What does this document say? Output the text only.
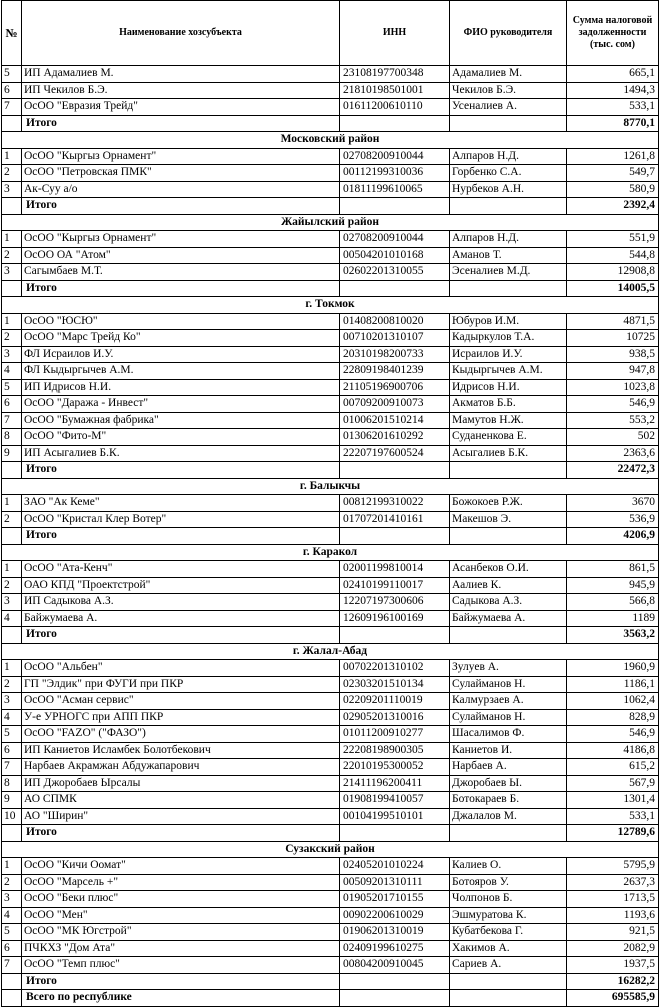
№	Наименование хозсубъекта	ИНН	ФИО руководителя	Сумма налоговой задолженности (тыс. сом)
5	ИП Адамалиев М.	23108197700348	Адамалиев М.	665,1
6	ИП Чекилов Б.Э.	21810198501001	Чекилов Б.Э.	1494,3
7	ОсОО "Евразия Трейд"	01611200610110	Усеналиев А.	533,1
	Итого			8770,1
Московский район				
1	ОсОО "Кыргыз Орнамент"	02708200910044	Алпаров Н.Д.	1261,8
2	ОсОО "Петровская ПМК"	00112199310036	Горбенко С.А.	549,7
3	Ак-Суу а/о	01811199610065	Нурбеков А.Н.	580,9
	Итого			2392,4
Жайылский район				
1	ОсОО "Кыргыз Орнамент"	02708200910044	Алпаров Н.Д.	551,9
2	ОсОО ОА "Атом"	00504201010168	Аманов Т.	544,8
3	Сагымбаев М.Т.	02602201310055	Эсеналиев М.Д.	12908,8
	Итого			14005,5
г. Токмок				
1	ОсОО "ЮСЮ"	01408200810020	Юбуров И.М.	4871,5
2	ОсОО "Марс Трейд Ко"	00710201310107	Кадыркулов Т.А.	10725
3	ФЛ Исраилов И.У.	20310198200733	Исраилов И.У.	938,5
4	ФЛ Кыдыргычев А.М.	22809198401239	Кыдыргычев А.М.	947,8
5	ИП Идрисов Н.И.	21105196900706	Идрисов Н.И.	1023,8
6	ОсОО "Даража - Инвест"	00709200910073	Акматов Б.Б.	546,9
7	ОсОО "Бумажная фабрика"	01006201510214	Мамутов Н.Ж.	553,2
8	ОсОО "Фито-М"	01306201610292	Суданенкова Е.	502
9	ИП Асыгалиев Б.К.	22207197600524	Асыгалиев Б.К.	2363,6
	Итого			22472,3
г. Балыкчы				
1	ЗАО "Ак Кеме"	00812199310022	Божокоев Р.Ж.	3670
2	ОсОО "Кристал Клер Вотер"	01707201410161	Макешов Э.	536,9
	Итого			4206,9
г. Каракол				
1	ОсОО "Ата-Кенч"	02001199810014	Асанбеков О.И.	861,5
2	ОАО КПД "Проектстрой"	02410199110017	Аалиев К.	945,9
3	ИП Садыкова А.З.	12207197300606	Садыкова А.З.	566,8
4	Байжумаева А.	12609196100169	Байжумаева А.	1189
	Итого			3563,2
г. Жалал-Абад				
1	ОсОО "Альбен"	00702201310102	Зулуев А.	1960,9
2	ГП "Элдик" при ФУГИ при ПКР	02303201510134	Сулайманов Н.	1186,1
3	ОсОО "Асман сервис"	02209201110019	Калмурзаев А.	1062,4
4	У-е УРНОГС при АПП ПКР	02905201310016	Сулайманов Н.	828,9
5	ОсОО "FAZO" ("ФАЗО")	01011200910277	Шасалимов Ф.	546,9
6	ИП Каниетов Исламбек Болотбекович	22208198900305	Каниетов И.	4186,8
7	Нарбаев Акрамжан Абдужапарович	22010195300052	Нарбаев А.	615,2
8	ИП Джоробаев Ырсалы	21411196200411	Джоробаев Ы.	567,9
9	АО СПМК	01908199410057	Ботокараев Б.	1301,4
10	АО "Ширин"	00104199510101	Джалалов М.	533,1
	Итого			12789,6
Сузакский район				
1	ОсОО "Кичи Оомат"	02405201010224	Калиев О.	5795,9
2	ОсОО "Марсель +"	00509201310111	Ботояров У.	2637,3
3	ОсОО "Беки плюс"	01905201710155	Чолпонов Б.	1713,5
4	ОсОО "Мен"	00902200610029	Эшмуратова К.	1193,6
5	ОсОО "МК Югстрой"	01906201310019	Кубатбекова Г.	921,5
6	ПЧКХЗ "Дом Ата"	02409199610275	Хакимов А.	2082,9
7	ОсОО "Темп плюс"	00804200910045	Сариев А.	1937,5
	Итого			16282,2
	Всего по республике			695585,9
